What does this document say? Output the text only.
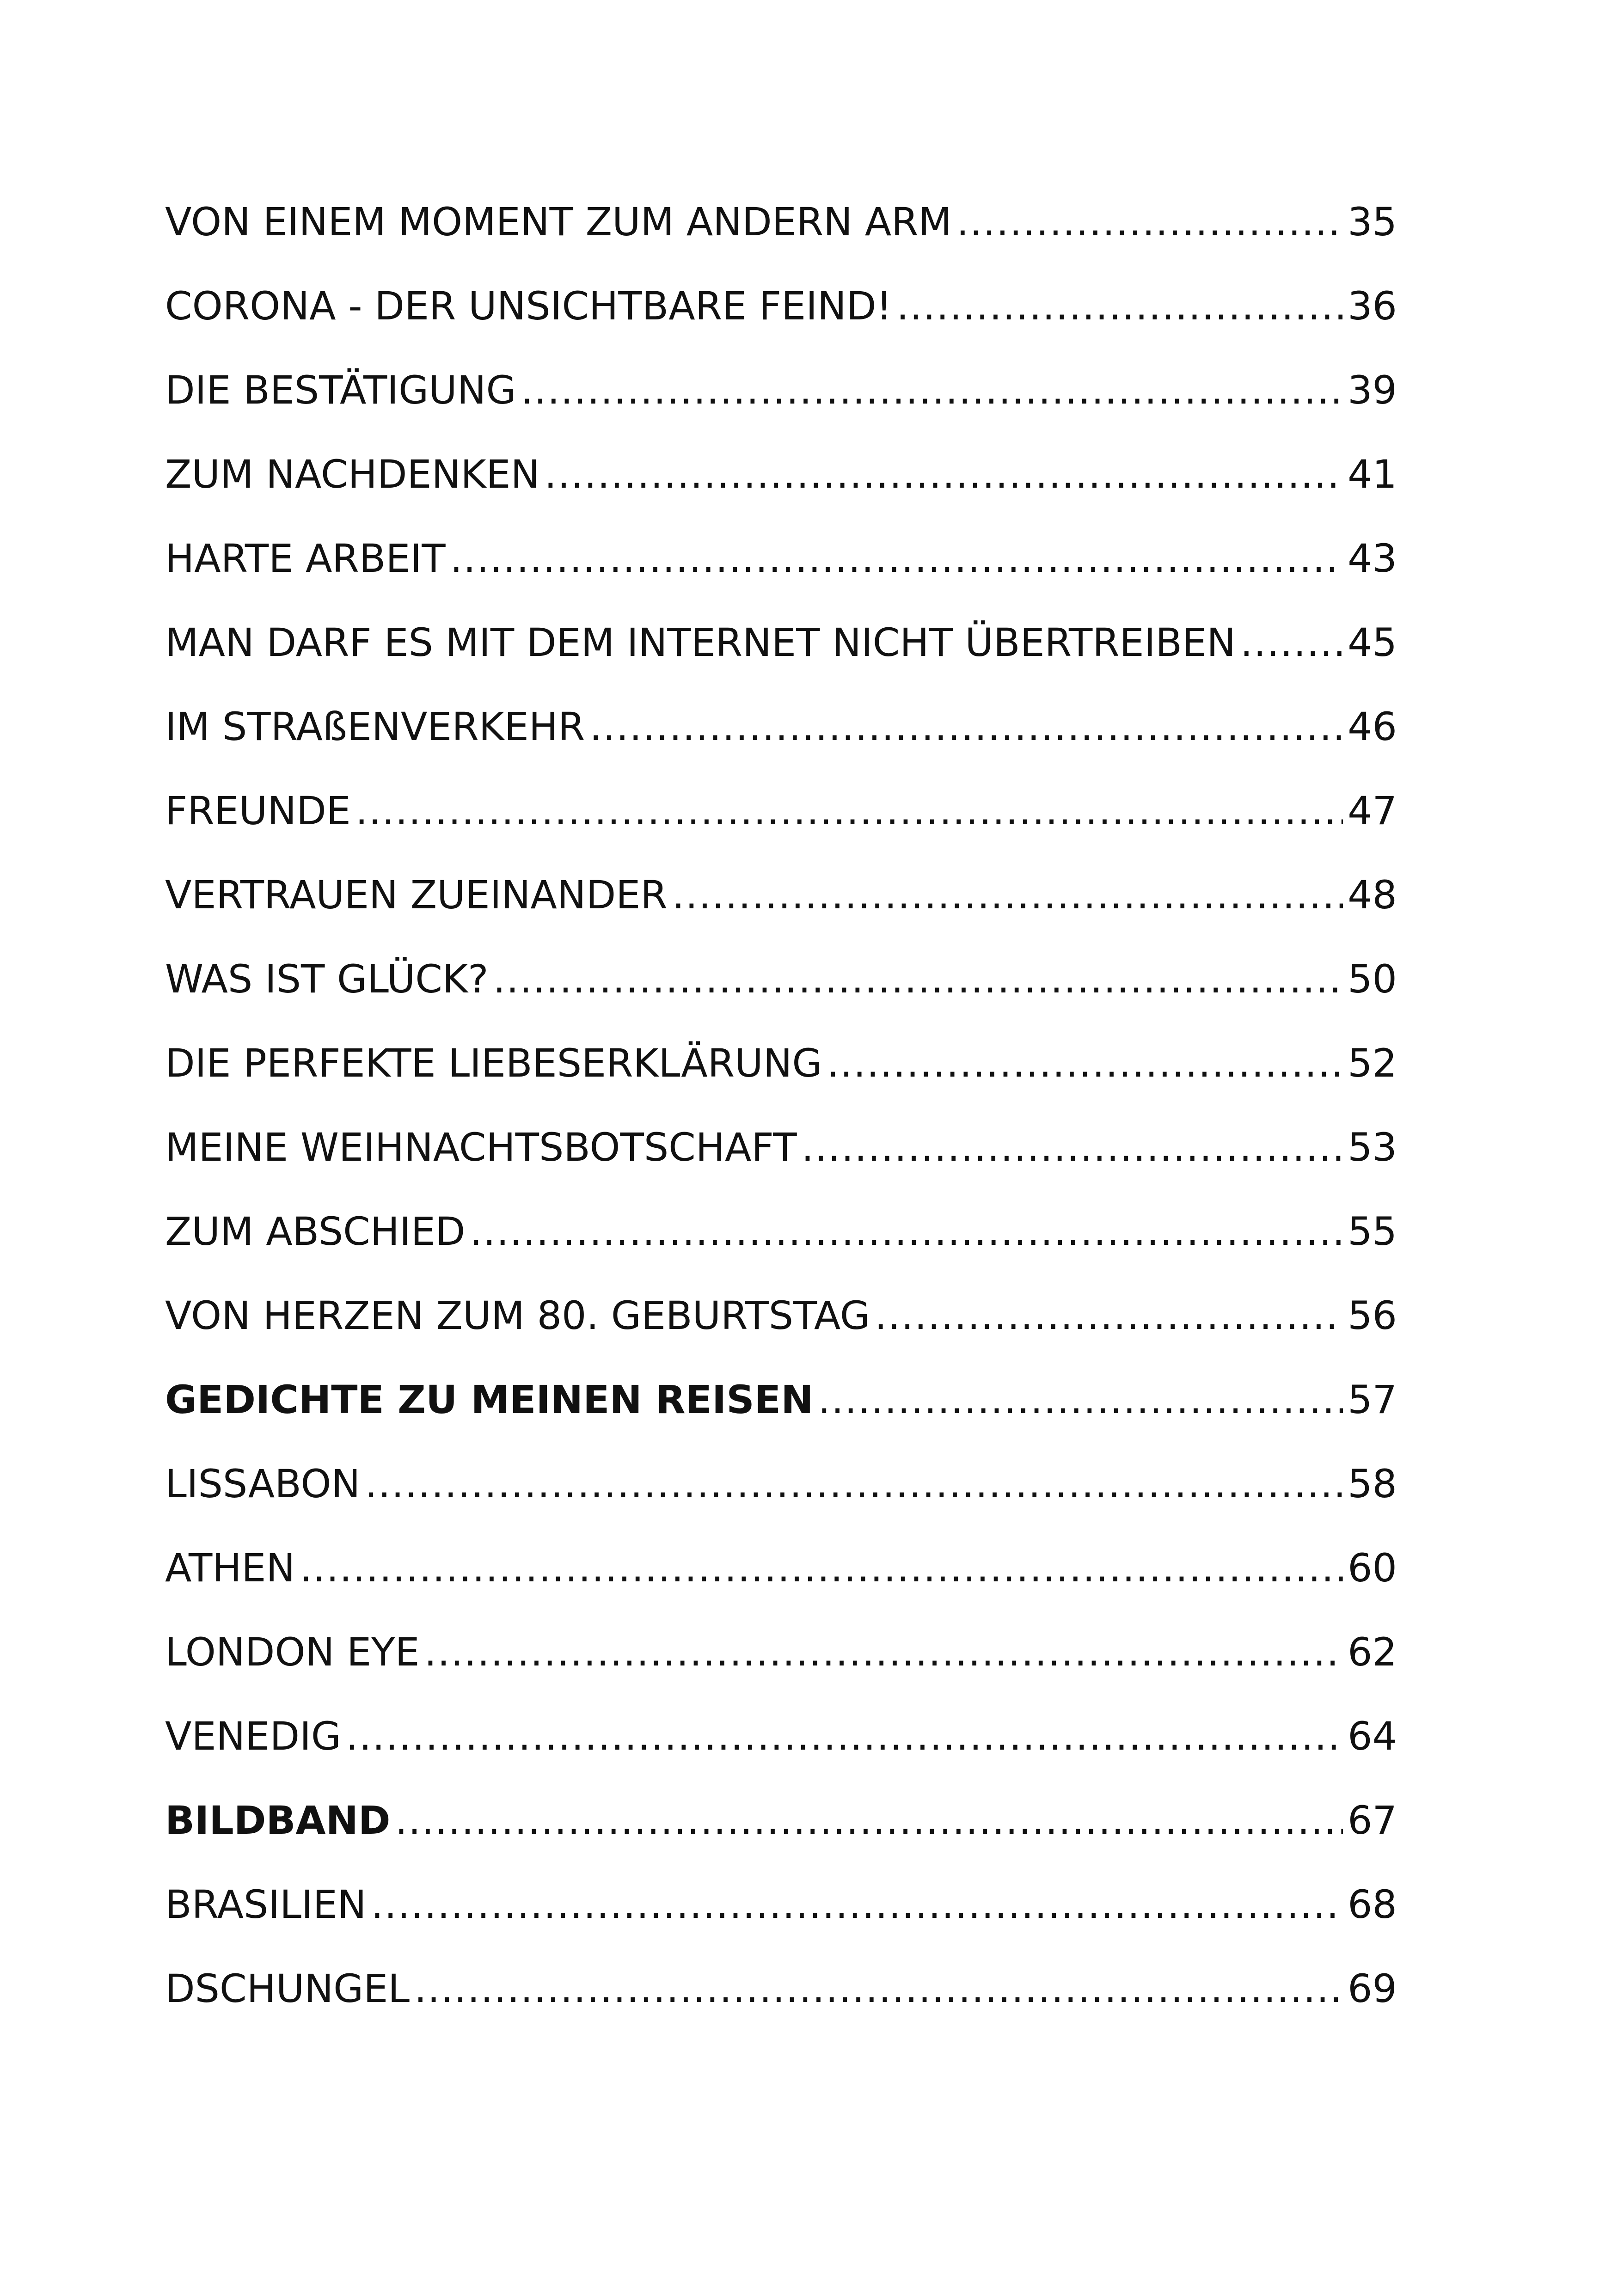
VON EINEM MOMENT ZUM ANDERN ARM .....	35
CORONA - DER UNSICHTBARE FEIND! .....	36
DIE BESTÄTIGUNG .....	39
ZUM NACHDENKEN .....	41
HARTE ARBEIT .....	43
MAN DARF ES MIT DEM INTERNET NICHT ÜBERTREIBEN .....	45
IM STRAßENVERKEHR .....	46
FREUNDE .....	47
VERTRAUEN ZUEINANDER .....	48
WAS IST GLÜCK? .....	50
DIE PERFEKTE LIEBESERKLÄRUNG .....	52
MEINE WEIHNACHTSBOTSCHAFT .....	53
ZUM ABSCHIED .....	55
VON HERZEN ZUM 80. GEBURTSTAG .....	56
GEDICHTE ZU MEINEN REISEN .....	57
LISSABON .....	58
ATHEN .....	60
LONDON EYE .....	62
VENEDIG .....	64
BILDBAND .....	67
BRASILIEN .....	68
DSCHUNGEL .....	69
